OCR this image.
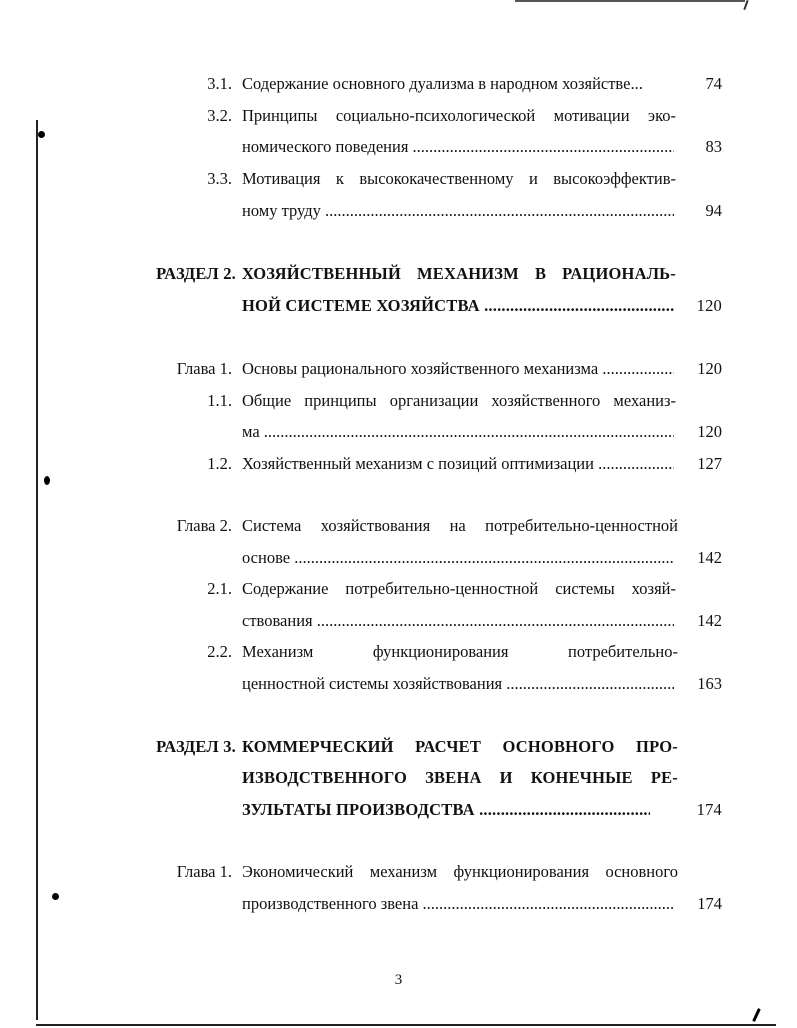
3.1. Содержание основного дуализма в народном хозяйстве...	74
3.2. Принципы социально-психологической мотивации эко-
номического поведения .....	83
3.3. Мотивация к высококачественному и высокоэффектив-
ному труду .....	94
РАЗДЕЛ 2. ХОЗЯЙСТВЕННЫЙ МЕХАНИЗМ В РАЦИОНАЛЬ-
НОЙ СИСТЕМЕ ХОЗЯЙСТВА .....	120
Глава 1. Основы рационального хозяйственного механизма .....	120
1.1. Общие принципы организации хозяйственного механиз-
ма .....	120
1.2. Хозяйственный механизм с позиций оптимизации .....	127
Глава 2. Система хозяйствования на потребительно-ценностной
основе .....	142
2.1. Содержание потребительно-ценностной системы хозяй-
ствования .....	142
2.2. Механизм функционирования потребительно-
ценностной системы хозяйствования .....	163
РАЗДЕЛ 3. КОММЕРЧЕСКИЙ РАСЧЕТ ОСНОВНОГО ПРО-
ИЗВОДСТВЕННОГО ЗВЕНА И КОНЕЧНЫЕ РЕ-
ЗУЛЬТАТЫ ПРОИЗВОДСТВА .....	174
Глава 1. Экономический механизм функционирования основного
производственного звена .....	174
3
